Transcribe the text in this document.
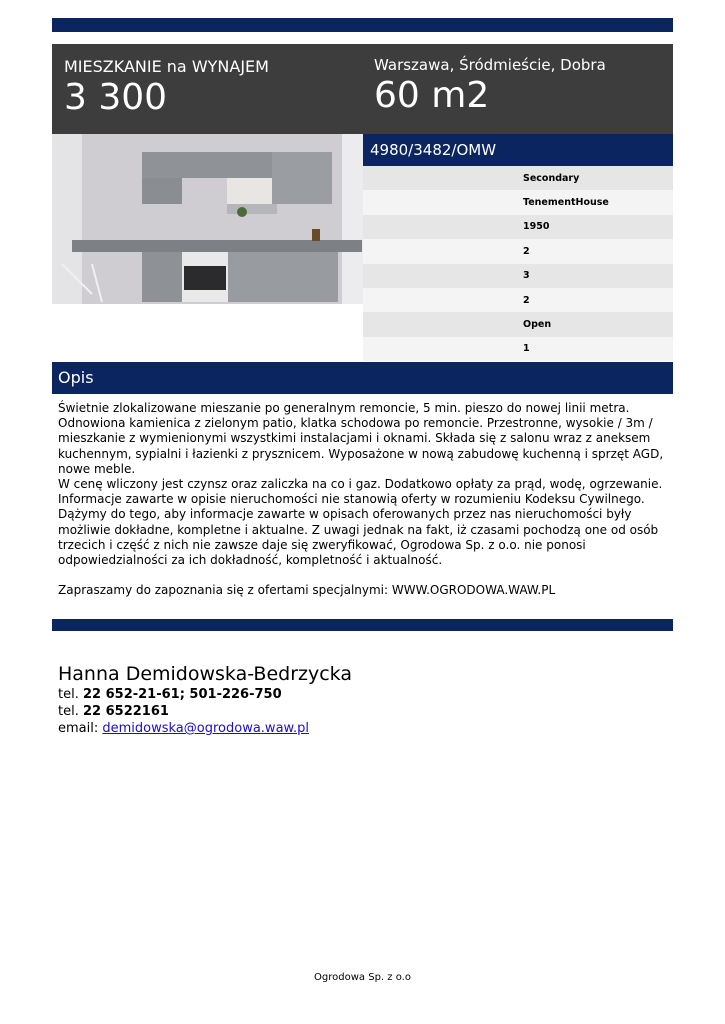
MIESZKANIE na WYNAJEM
3 300
Warszawa, Śródmieście, Dobra
60 m2
4980/3482/OMW
Secondary
TenementHouse
1950
2
3
2
Open
1
Opis
Świetnie zlokalizowane mieszanie po generalnym remoncie, 5 min. pieszo do nowej linii metra.
Odnowiona kamienica z zielonym patio, klatka schodowa po remoncie. Przestronne, wysokie / 3m / mieszkanie z wymienionymi wszystkimi instalacjami i oknami. Składa się z salonu wraz z aneksem kuchennym, sypialni i łazienki z prysznicem. Wyposażone w nową zabudowę kuchenną i sprzęt AGD, nowe meble.
W cenę wliczony jest czynsz oraz zaliczka na co i gaz. Dodatkowo opłaty za prąd, wodę, ogrzewanie.
Informacje zawarte w opisie nieruchomości nie stanowią oferty w rozumieniu Kodeksu Cywilnego. Dążymy do tego, aby informacje zawarte w opisach oferowanych przez nas nieruchomości były możliwie dokładne, kompletne i aktualne. Z uwagi jednak na fakt, iż czasami pochodzą one od osób trzecich i część z nich nie zawsze daje się zweryfikować, Ogrodowa Sp. z o.o. nie ponosi odpowiedzialności za ich dokładność, kompletność i aktualność.

Zapraszamy do zapoznania się z ofertami specjalnymi: WWW.OGRODOWA.WAW.PL
Hanna Demidowska-Bedrzycka
tel. 22 652-21-61; 501-226-750
tel. 22 6522161
email: demidowska@ogrodowa.waw.pl
Ogrodowa Sp. z o.o
